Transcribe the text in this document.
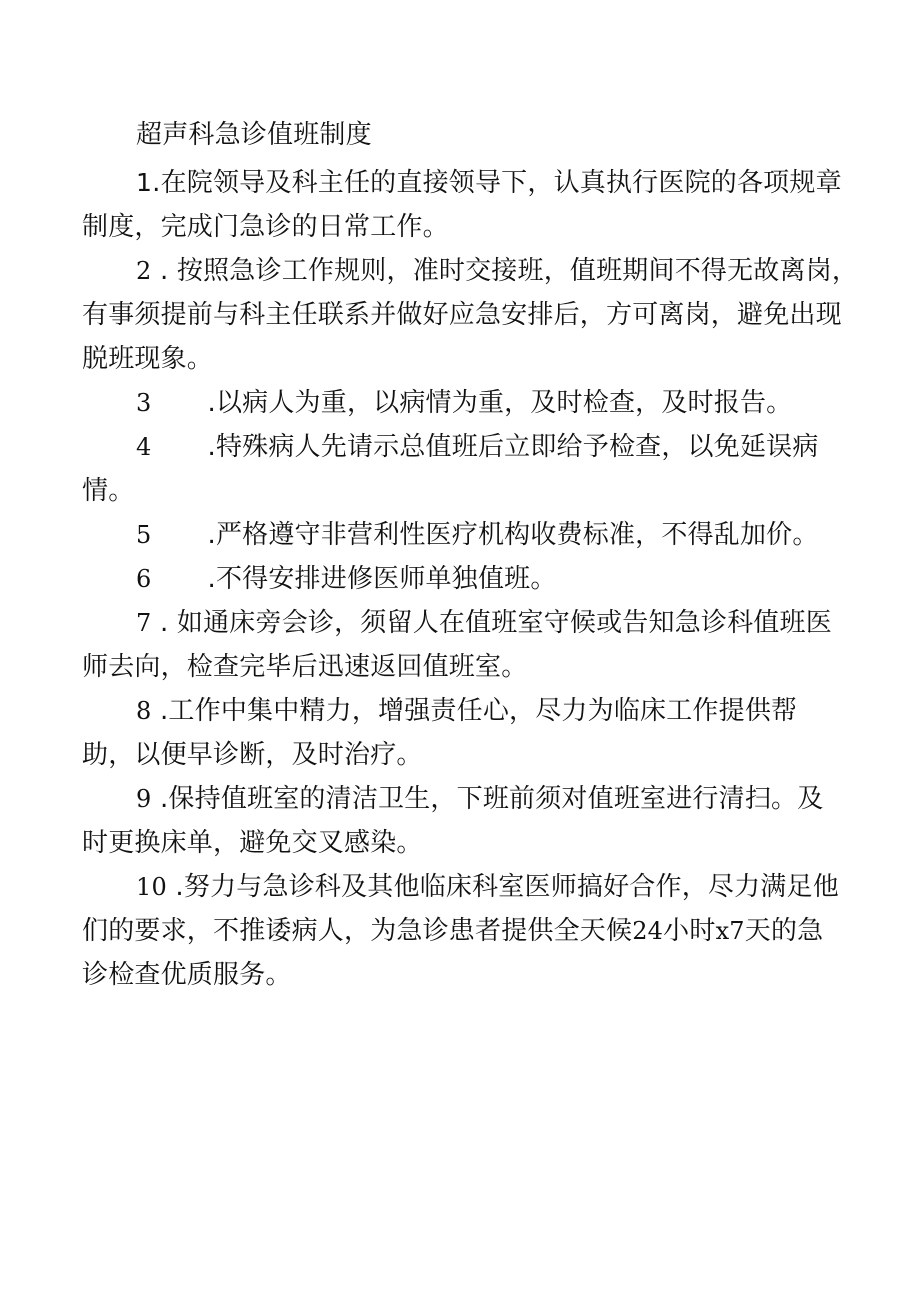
超声科急诊值班制度
1.在院领导及科主任的直接领导下，认真执行医院的各项规章
制度，完成门急诊的日常工作。
2 . 按照急诊工作规则，准时交接班，值班期间不得无故离岗，
有事须提前与科主任联系并做好应急安排后，方可离岗，避免出现
脱班现象。
3 .以病人为重，以病情为重，及时检查，及时报告。
4 .特殊病人先请示总值班后立即给予检查，以免延误病
情。
5 .严格遵守非营利性医疗机构收费标准，不得乱加价。
6 .不得安排进修医师单独值班。
7 . 如通床旁会诊，须留人在值班室守候或告知急诊科值班医
师去向，检查完毕后迅速返回值班室。
8 .工作中集中精力，增强责任心，尽力为临床工作提供帮
助，以便早诊断，及时治疗。
9 .保持值班室的清洁卫生，下班前须对值班室进行清扫。及
时更换床单，避免交叉感染。
10 .努力与急诊科及其他临床科室医师搞好合作，尽力满足他
们的要求，不推诿病人，为急诊患者提供全天候24小时x7天的急
诊检查优质服务。
